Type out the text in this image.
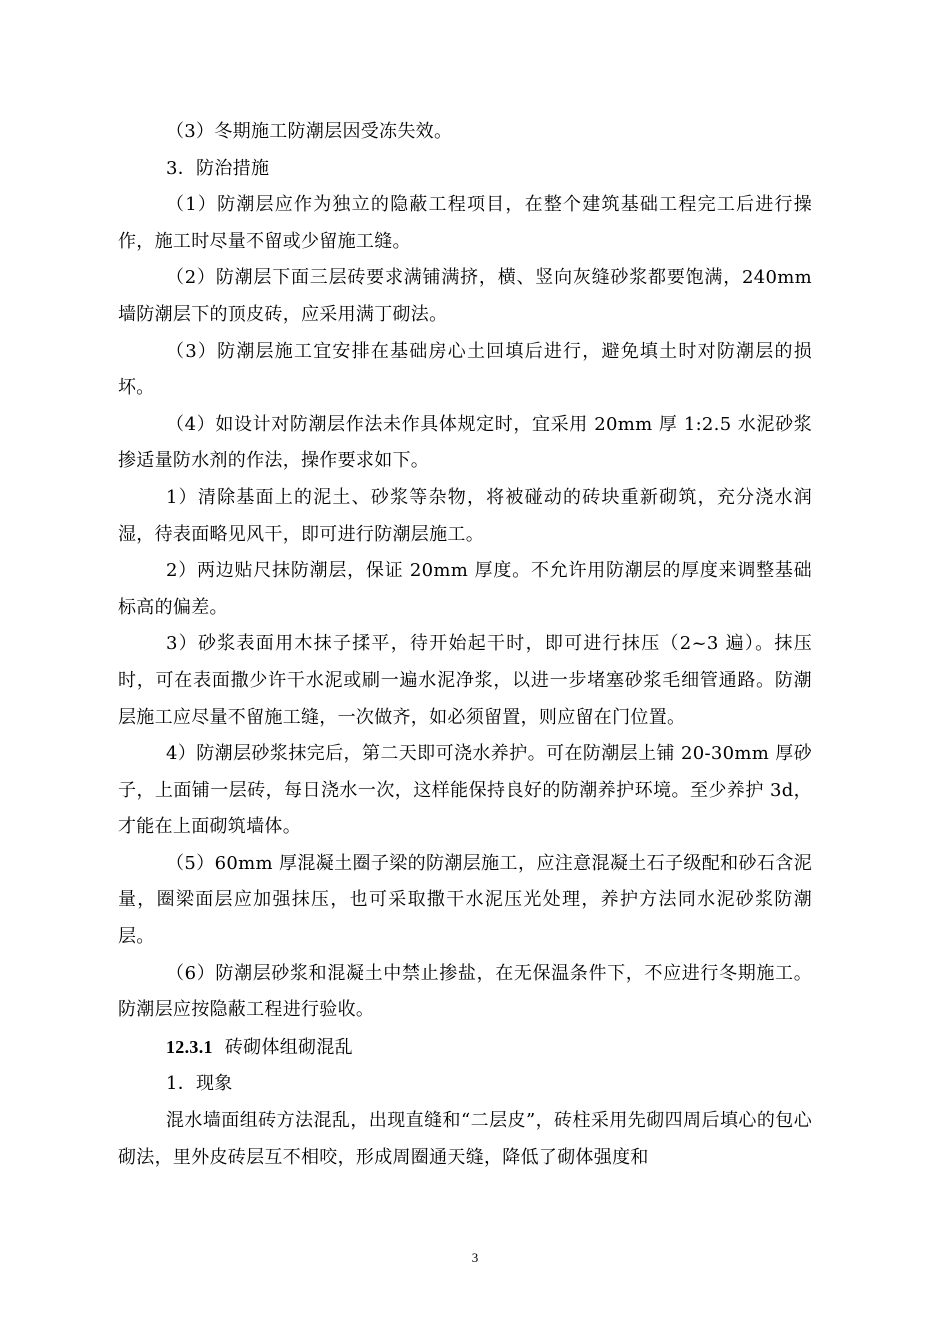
（3）冬期施工防潮层因受冻失效。

3．防治措施

（1）防潮层应作为独立的隐蔽工程项目，在整个建筑基础工程完工后进行操作，施工时尽量不留或少留施工缝。

（2）防潮层下面三层砖要求满铺满挤，横、竖向灰缝砂浆都要饱满，240mm 墙防潮层下的顶皮砖，应采用满丁砌法。

（3）防潮层施工宜安排在基础房心土回填后进行，避免填土时对防潮层的损坏。

（4）如设计对防潮层作法未作具体规定时，宜采用 20mm 厚 1:2.5 水泥砂浆掺适量防水剂的作法，操作要求如下。

1）清除基面上的泥土、砂浆等杂物，将被碰动的砖块重新砌筑，充分浇水润湿，待表面略见风干，即可进行防潮层施工。

2）两边贴尺抹防潮层，保证 20mm 厚度。不允许用防潮层的厚度来调整基础标高的偏差。

3）砂浆表面用木抹子揉平，待开始起干时，即可进行抹压（2~3 遍）。抹压时，可在表面撒少许干水泥或刷一遍水泥净浆，以进一步堵塞砂浆毛细管通路。防潮层施工应尽量不留施工缝，一次做齐，如必须留置，则应留在门位置。

4）防潮层砂浆抹完后，第二天即可浇水养护。可在防潮层上铺 20-30mm 厚砂子，上面铺一层砖，每日浇水一次，这样能保持良好的防潮养护环境。至少养护 3d，才能在上面砌筑墙体。

（5）60mm 厚混凝土圈子梁的防潮层施工，应注意混凝土石子级配和砂石含泥量，圈梁面层应加强抹压，也可采取撒干水泥压光处理，养护方法同水泥砂浆防潮层。

（6）防潮层砂浆和混凝土中禁止掺盐，在无保温条件下，不应进行冬期施工。防潮层应按隐蔽工程进行验收。

12.3.1 砖砌体组砌混乱

1．现象

混水墙面组砖方法混乱，出现直缝和“二层皮”，砖柱采用先砌四周后填心的包心砌法，里外皮砖层互不相咬，形成周圈通天缝，降低了砌体强度和

3
